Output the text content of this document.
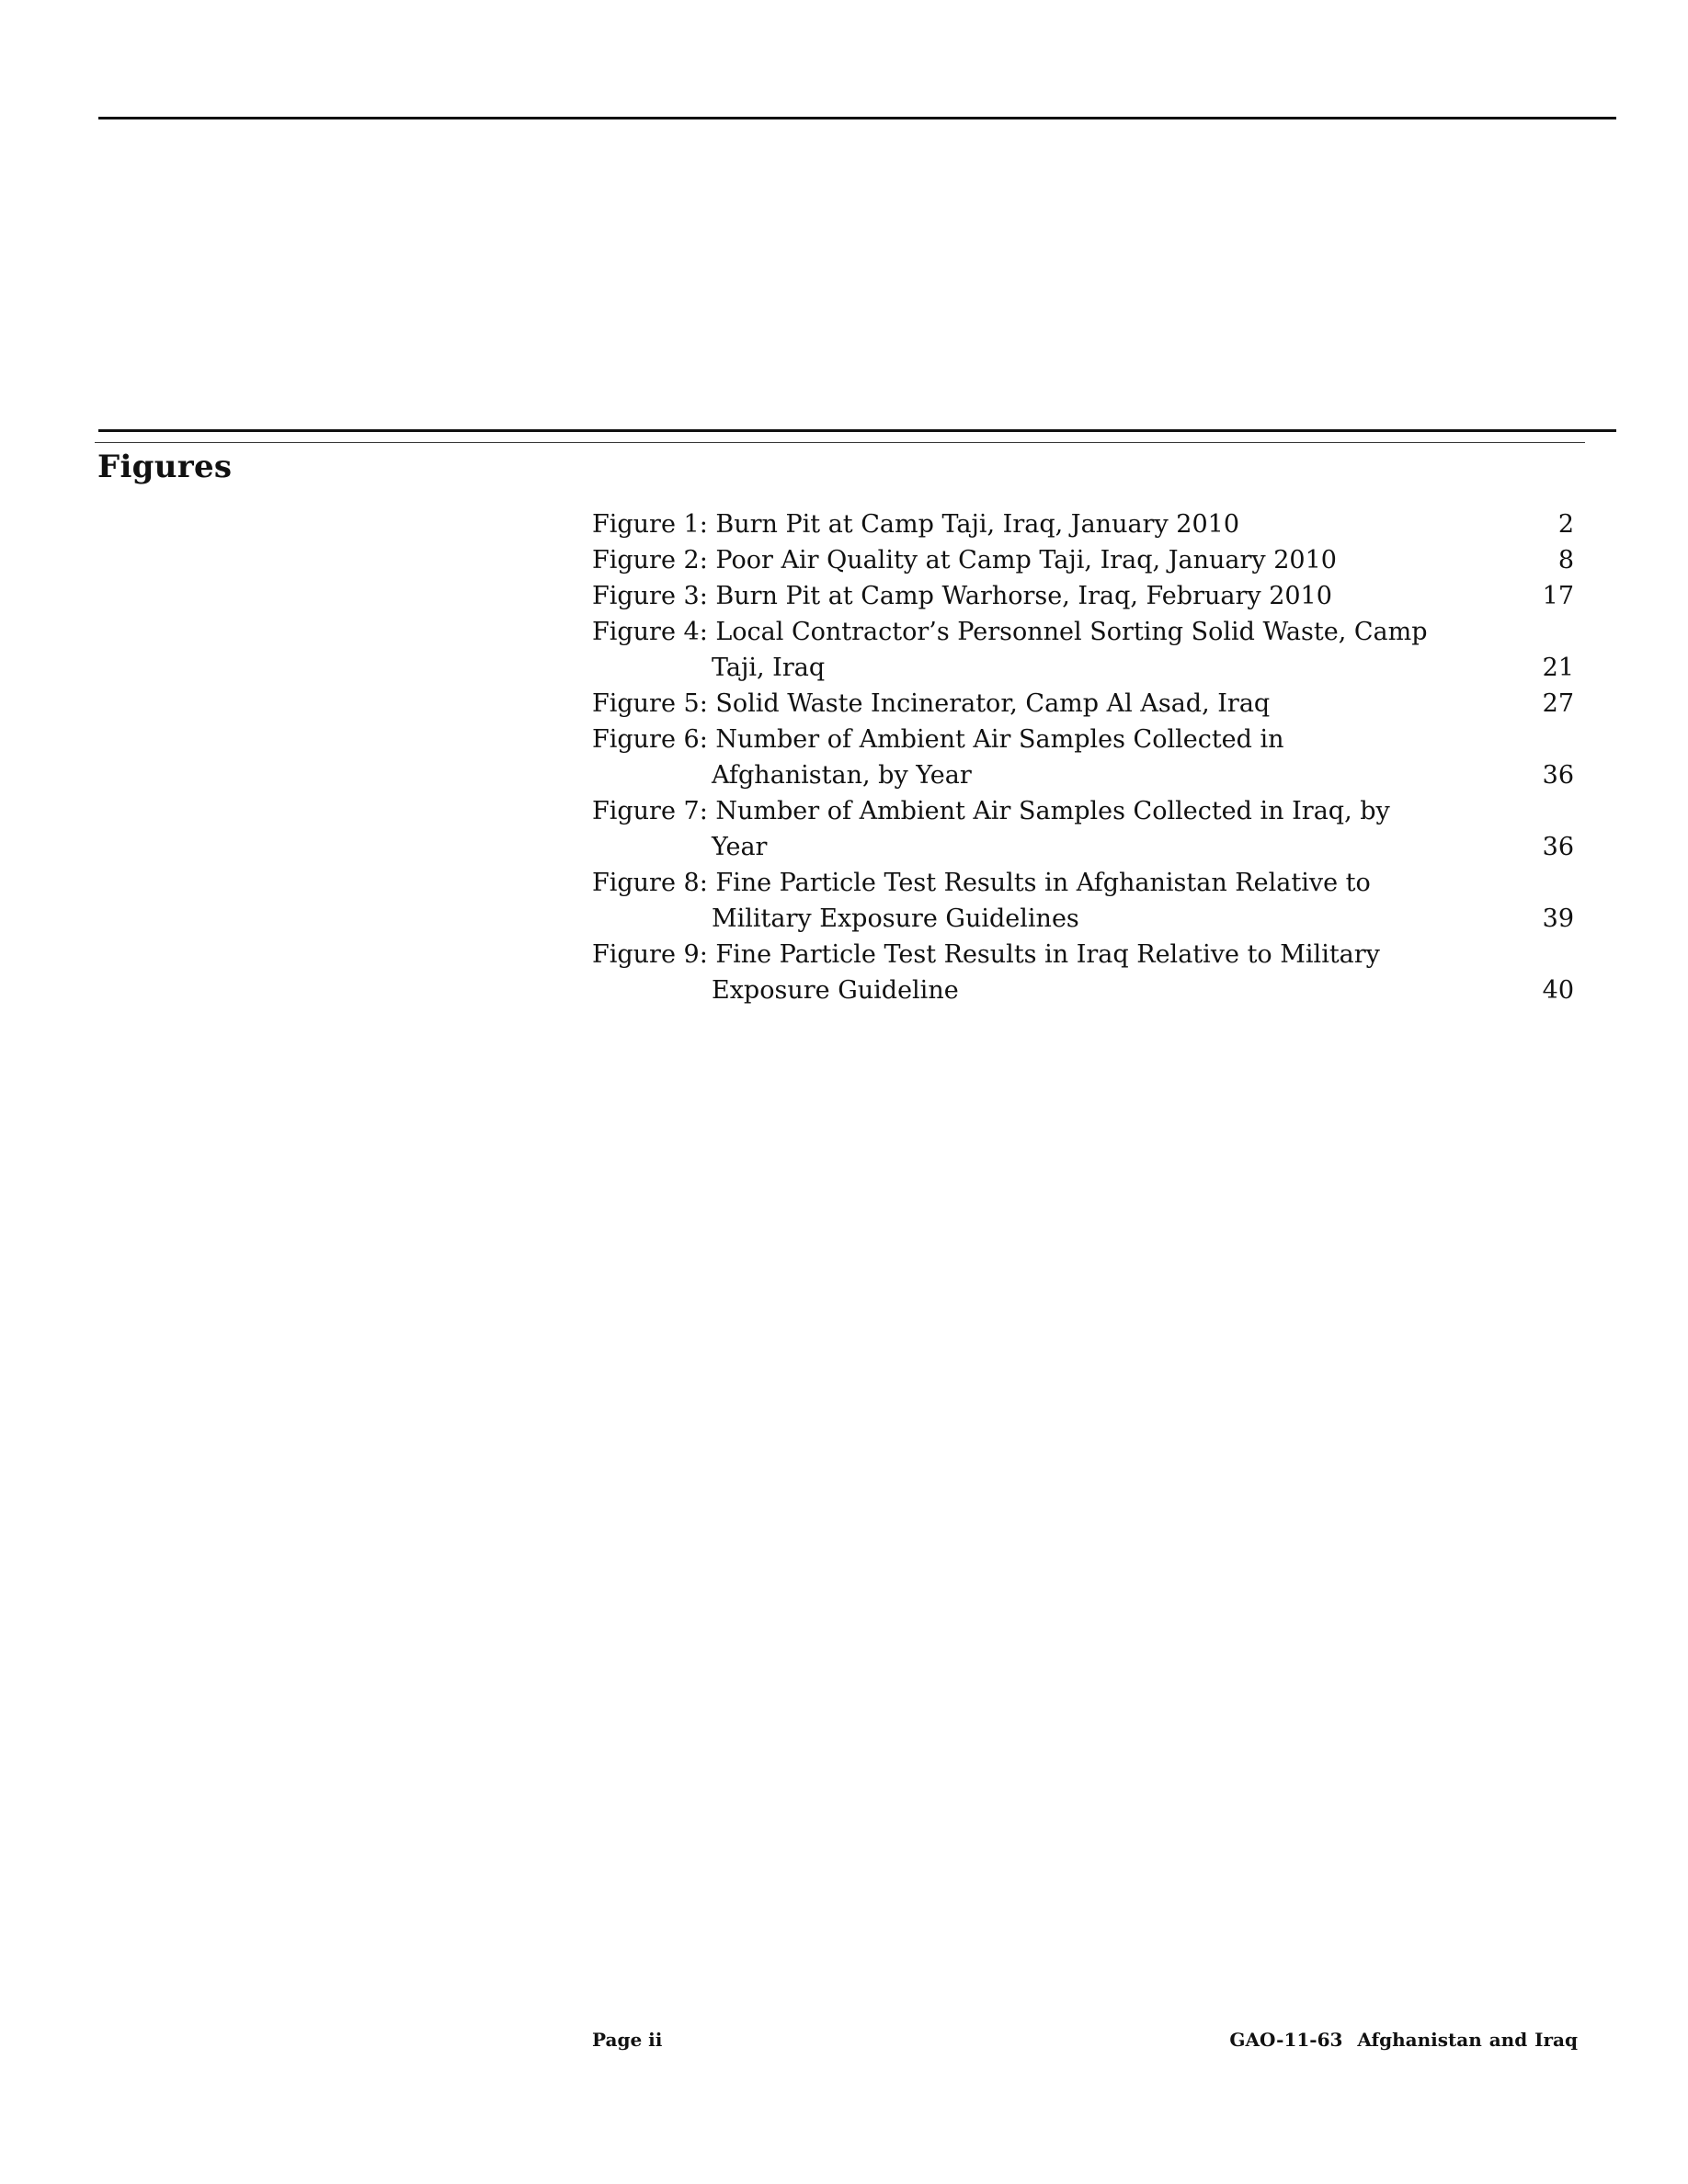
Figures
Figure 1: Burn Pit at Camp Taji, Iraq, January 2010	2
Figure 2: Poor Air Quality at Camp Taji, Iraq, January 2010	8
Figure 3: Burn Pit at Camp Warhorse, Iraq, February 2010	17
Figure 4: Local Contractor’s Personnel Sorting Solid Waste, Camp
Taji, Iraq	21
Figure 5: Solid Waste Incinerator, Camp Al Asad, Iraq	27
Figure 6: Number of Ambient Air Samples Collected in
Afghanistan, by Year	36
Figure 7: Number of Ambient Air Samples Collected in Iraq, by
Year	36
Figure 8: Fine Particle Test Results in Afghanistan Relative to
Military Exposure Guidelines	39
Figure 9: Fine Particle Test Results in Iraq Relative to Military
Exposure Guideline	40
Page ii	GAO-11-63  Afghanistan and Iraq
